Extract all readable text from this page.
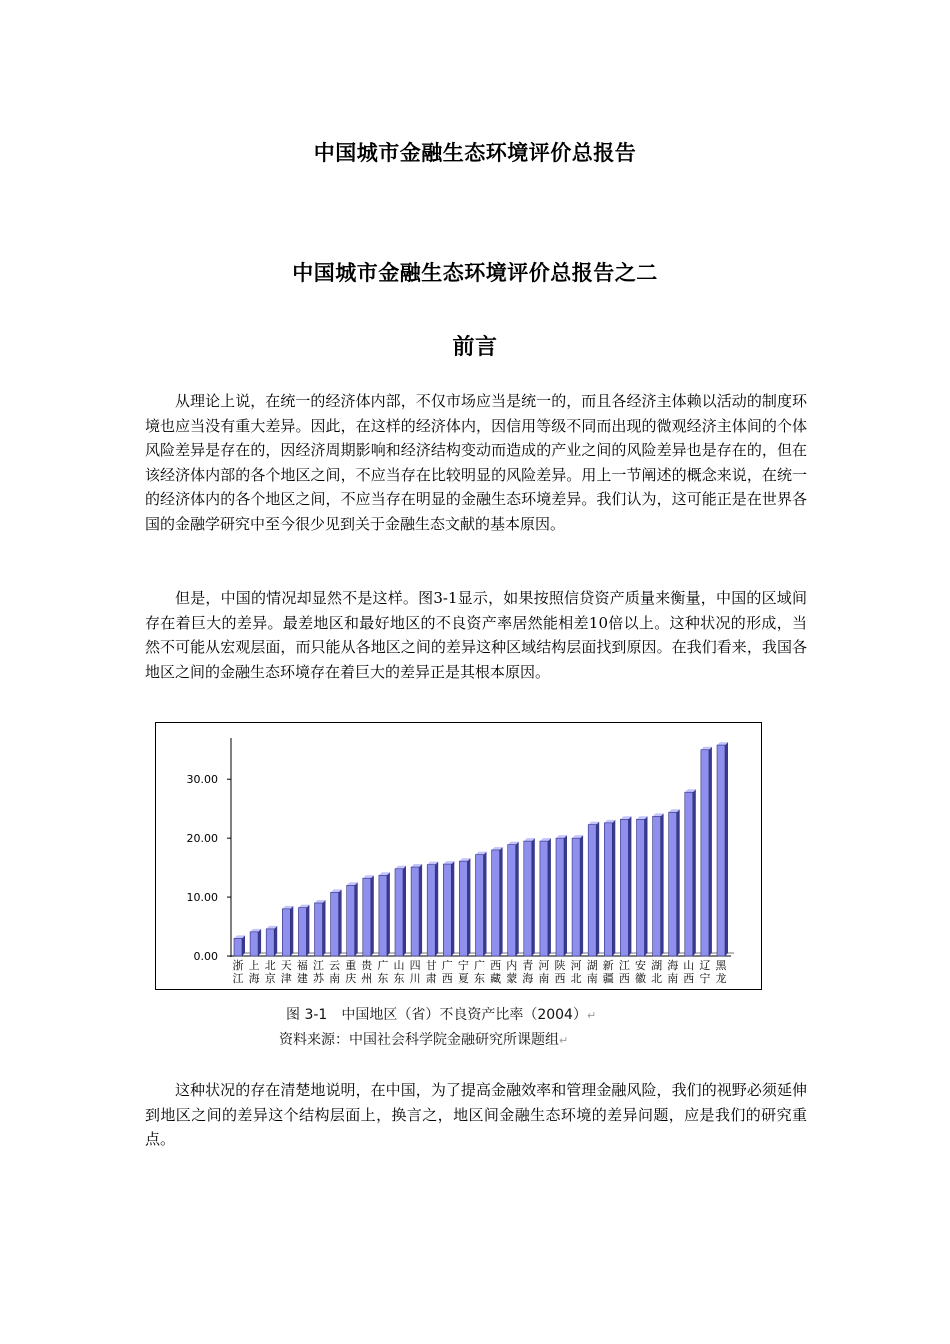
中国城市金融生态环境评价总报告
中国城市金融生态环境评价总报告之二
前言

从理论上说，在统一的经济体内部，不仅市场应当是统一的，而且各经济主体赖以活动的制度环境也应当没有重大差异。因此，在这样的经济体内，因信用等级不同而出现的微观经济主体间的个体风险差异是存在的，因经济周期影响和经济结构变动而造成的产业之间的风险差异也是存在的，但在该经济体内部的各个地区之间，不应当存在比较明显的风险差异。用上一节阐述的概念来说，在统一的经济体内的各个地区之间，不应当存在明显的金融生态环境差异。我们认为，这可能正是在世界各国的金融学研究中至今很少见到关于金融生态文献的基本原因。

但是，中国的情况却显然不是这样。图3-1显示，如果按照信贷资产质量来衡量，中国的区域间存在着巨大的差异。最差地区和最好地区的不良资产率居然能相差10倍以上。这种状况的形成，当然不可能从宏观层面，而只能从各地区之间的差异这种区域结构层面找到原因。在我们看来，我国各地区之间的金融生态环境存在着巨大的差异正是其根本原因。

0.00
10.00
20.00
30.00
浙江
上海
北京
天津
福建
江苏
云南
重庆
贵州
广东
山东
四川
甘肃
广西
宁夏
广东
西藏
内蒙
青海
河南
陕西
河北
湖南
新疆
江西
安徽
湖北
海南
山西
辽宁
黑龙
图 3-1　中国地区（省）不良资产比率（2004）↵
资料来源：中国社会科学院金融研究所课题组↵

这种状况的存在清楚地说明，在中国，为了提高金融效率和管理金融风险，我们的视野必须延伸到地区之间的差异这个结构层面上，换言之，地区间金融生态环境的差异问题，应是我们的研究重点。
